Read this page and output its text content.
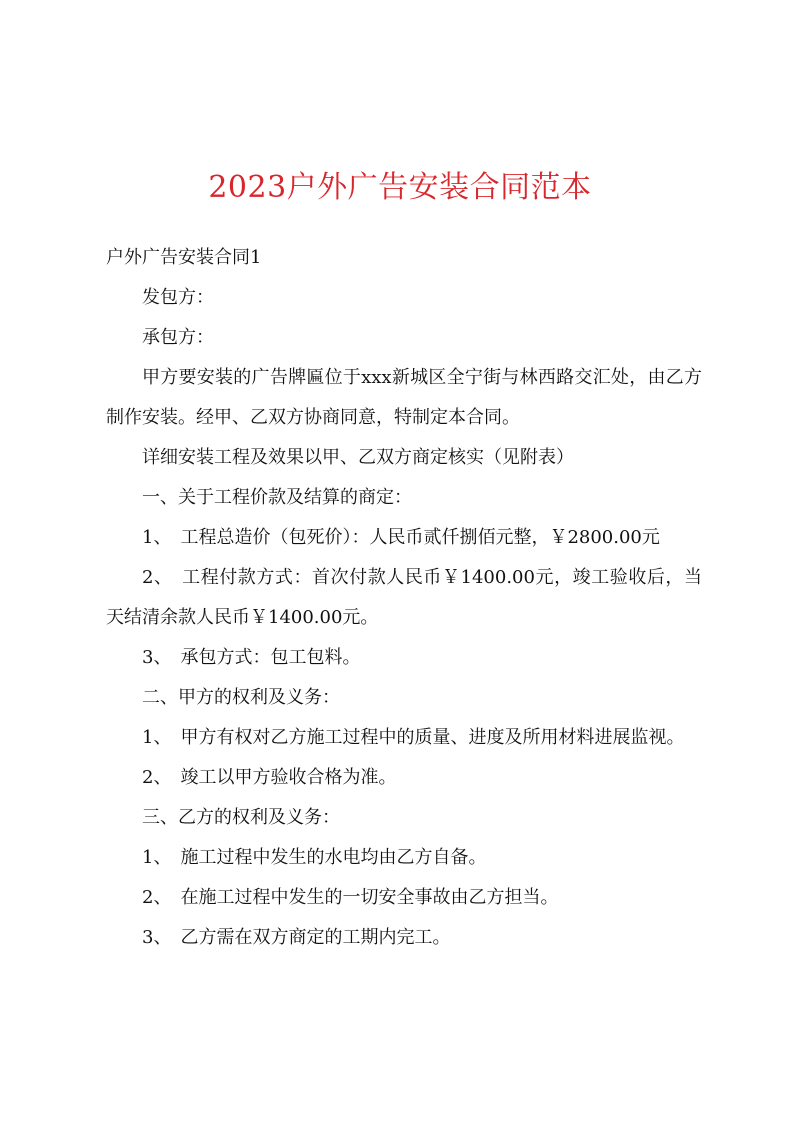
2023户外广告安装合同范本

户外广告安装合同1

发包方：

承包方：

甲方要安装的广告牌匾位于xxx新城区全宁街与林西路交汇处，由乙方制作安装。经甲、乙双方协商同意，特制定本合同。

详细安装工程及效果以甲、乙双方商定核实（见附表）

一、关于工程价款及结算的商定：

1、　工程总造价（包死价）：人民币贰仟捌佰元整，￥2800.00元

2、　工程付款方式：首次付款人民币￥1400.00元，竣工验收后，当天结清余款人民币￥1400.00元。

3、　承包方式：包工包料。

二、甲方的权利及义务：

1、　甲方有权对乙方施工过程中的质量、进度及所用材料进展监视。

2、　竣工以甲方验收合格为准。

三、乙方的权利及义务：

1、　施工过程中发生的水电均由乙方自备。

2、　在施工过程中发生的一切安全事故由乙方担当。

3、　乙方需在双方商定的工期内完工。
